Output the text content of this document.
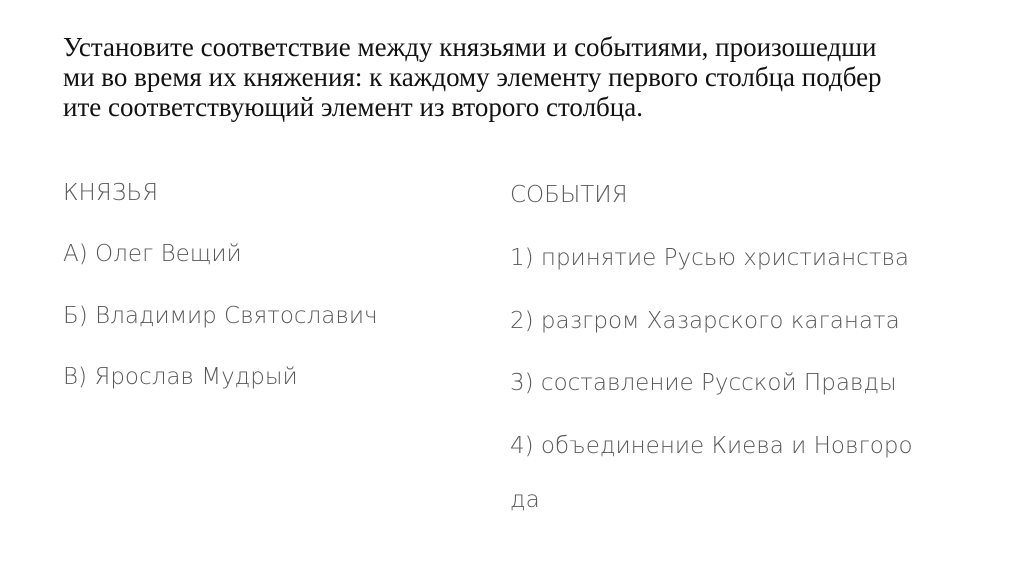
Установите соответствие между князьями и событиями, произошедши
ми во время их княжения: к каждому элементу первого столбца подбер
ите соответствующий элемент из второго столбца.

КНЯЗЬЯ

А) Олег Вещий

Б) Владимир Святославич

В) Ярослав Мудрый

СОБЫТИЯ

1) принятие Русью христианства

2) разгром Хазарского каганата

3) составление Русской Правды

4) объединение Киева и Новгоро

да
